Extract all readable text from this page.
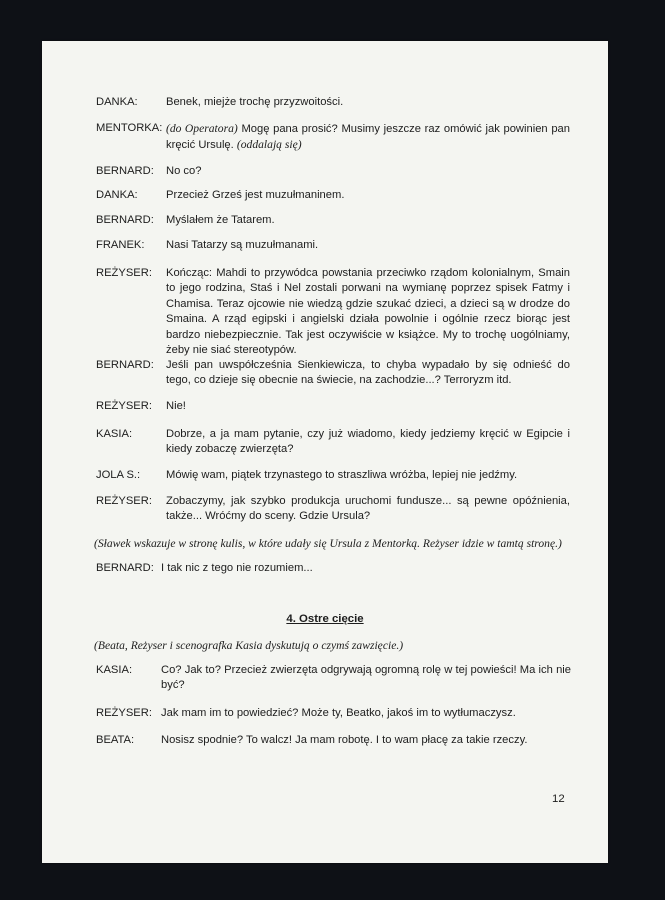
DANKA:	Benek, miejże trochę przyzwoitości.
MENTORKA: (do Operatora) Mogę pana prosić? Musimy jeszcze raz omówić jak powinien pan kręcić Ursulę. (oddalają się)
BERNARD:	No co?
DANKA:	Przecież Grześ jest muzułmaninem.
BERNARD:	Myślałem że Tatarem.
FRANEK:	Nasi Tatarzy są muzułmanami.
REŻYSER:	Kończąc: Mahdi to przywódca powstania przeciwko rządom kolonialnym, Smain to jego rodzina, Staś i Nel zostali porwani na wymianę poprzez spisek Fatmy i Chamisa. Teraz ojcowie nie wiedzą gdzie szukać dzieci, a dzieci są w drodze do Smaina. A rząd egipski i angielski działa powolnie i ogólnie rzecz biorąc jest bardzo niebezpiecznie. Tak jest oczywiście w książce. My to trochę uogólniamy, żeby nie siać stereotypów.
BERNARD:	Jeśli pan uwspółcześnia Sienkiewicza, to chyba wypadało by się odnieść do tego, co dzieje się obecnie na świecie, na zachodzie...? Terroryzm itd.
REŻYSER:	Nie!
KASIA:	Dobrze, a ja mam pytanie, czy już wiadomo, kiedy jedziemy kręcić w Egipcie i kiedy zobaczę zwierzęta?
JOLA S.:	Mówię wam, piątek trzynastego to straszliwa wróżba, lepiej nie jedźmy.
REŻYSER:	Zobaczymy, jak szybko produkcja uruchomi fundusze... są pewne opóźnienia, także... Wróćmy do sceny. Gdzie Ursula?
(Sławek wskazuje w stronę kulis, w które udały się Ursula z Mentorką. Reżyser idzie w tamtą stronę.)
BERNARD: I tak nic z tego nie rozumiem...
4. Ostre cięcie
(Beata, Reżyser i scenografka Kasia dyskutują o czymś zawzięcie.)
KASIA:	Co? Jak to? Przecież zwierzęta odgrywają ogromną rolę w tej powieści! Ma ich nie być?
REŻYSER: Jak mam im to powiedzieć? Może ty, Beatko, jakoś im to wytłumaczysz.
BEATA:	Nosisz spodnie? To walcz! Ja mam robotę. I to wam płacę za takie rzeczy.
12
